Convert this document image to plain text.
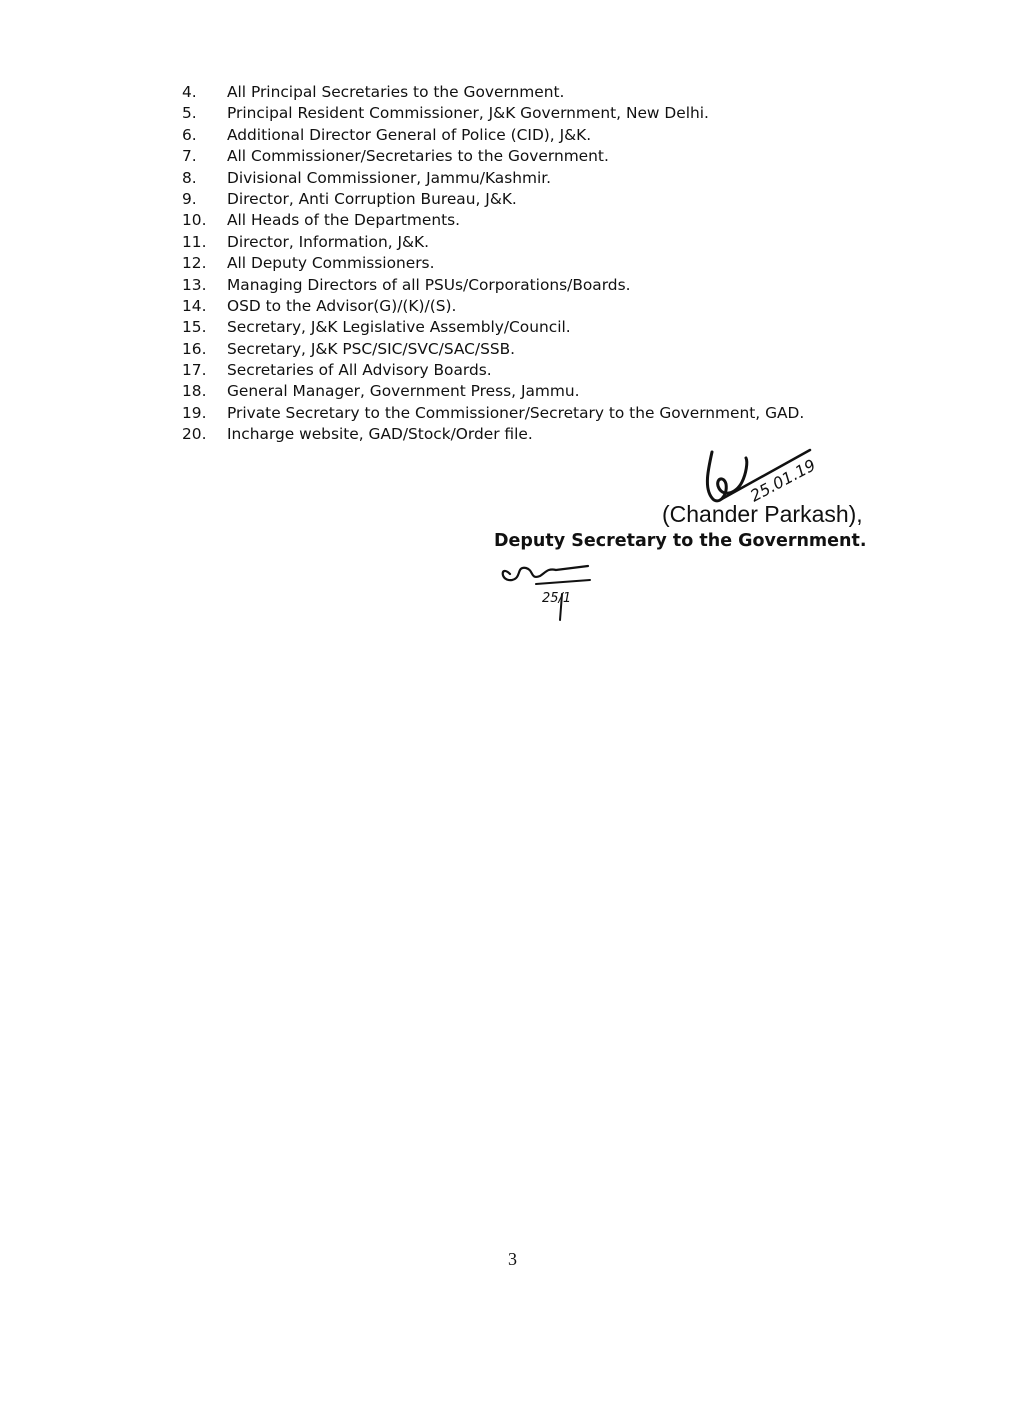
4.	All Principal Secretaries to the Government.
5.	Principal Resident Commissioner, J&K Government, New Delhi.
6.	Additional Director General of Police (CID), J&K.
7.	All Commissioner/Secretaries to the Government.
8.	Divisional Commissioner, Jammu/Kashmir.
9.	Director, Anti Corruption Bureau, J&K.
10.	All Heads of the Departments.
11.	Director, Information, J&K.
12.	All Deputy Commissioners.
13.	Managing Directors of all PSUs/Corporations/Boards.
14.	OSD to the Advisor(G)/(K)/(S).
15.	Secretary, J&K Legislative Assembly/Council.
16.	Secretary, J&K PSC/SIC/SVC/SAC/SSB.
17.	Secretaries of All Advisory Boards.
18.	General Manager, Government Press, Jammu.
19.	Private Secretary to the Commissioner/Secretary to the Government, GAD.
20.	Incharge website, GAD/Stock/Order file.
25.01.19
(Chander Parkash),
Deputy Secretary to the Government.
25/1
3
